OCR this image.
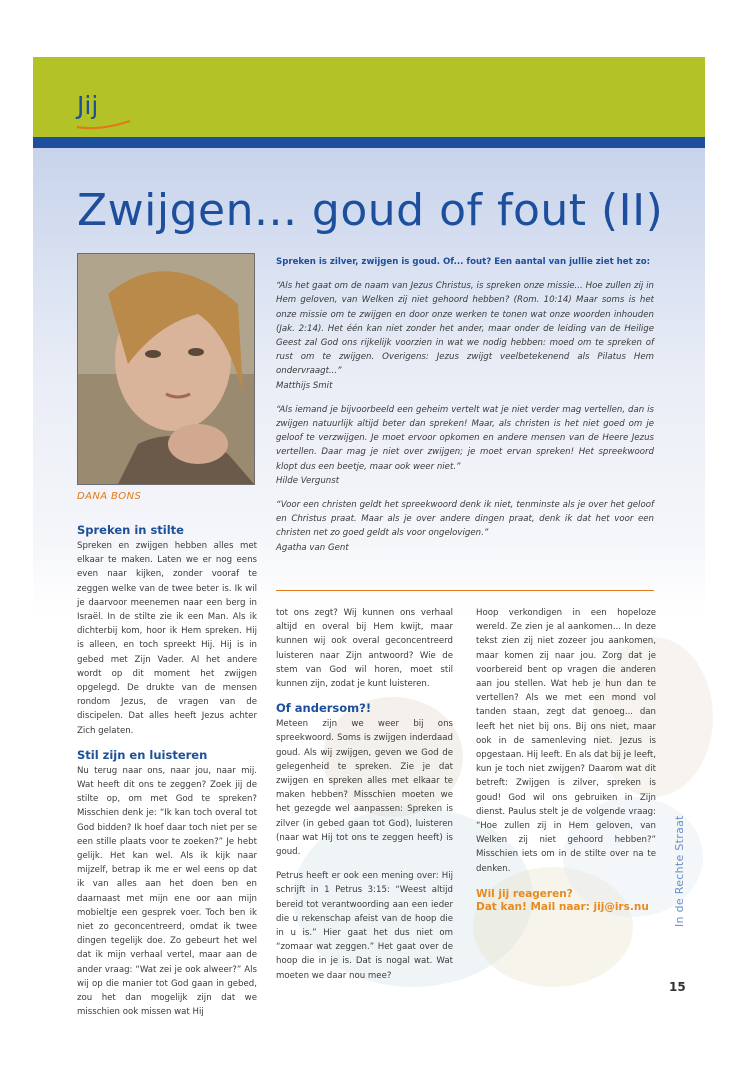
Jij
Zwijgen... goud of fout (II)
DANA BONS

Spreken is zilver, zwijgen is goud. Of... fout? Een aantal van jullie ziet het zo:

“Als het gaat om de naam van Jezus Christus, is spreken onze missie... Hoe zullen zij in Hem geloven, van Welken zij niet gehoord hebben? (Rom. 10:14) Maar soms is het onze missie om te zwijgen en door onze werken te tonen wat onze woorden inhouden (Jak. 2:14). Het één kan niet zonder het ander, maar onder de leiding van de Heilige Geest zal God ons rijkelijk voorzien in wat we nodig hebben: moed om te spreken of rust om te zwijgen. Overigens: Jezus zwijgt veelbetekenend als Pilatus Hem ondervraagt...”
Matthijs Smit

“Als iemand je bijvoorbeeld een geheim vertelt wat je niet verder mag vertellen, dan is zwijgen natuurlijk altijd beter dan spreken! Maar, als christen is het niet goed om je geloof te verzwijgen. Je moet ervoor opkomen en andere mensen van de Heere Jezus vertellen. Daar mag je niet over zwijgen; je moet ervan spreken! Het spreekwoord klopt dus een beetje, maar ook weer niet.”
Hilde Vergunst

“Voor een christen geldt het spreekwoord denk ik niet, tenminste als je over het geloof en Christus praat. Maar als je over andere dingen praat, denk ik dat het voor een christen net zo goed geldt als voor ongelovigen.”
Agatha van Gent

Spreken in stilte

Spreken en zwijgen hebben alles met elkaar te maken. Laten we er nog eens even naar kijken, zonder vooraf te zeggen welke van de twee beter is. Ik wil je daarvoor meenemen naar een berg in Israël. In de stilte zie ik een Man. Als ik dichterbij kom, hoor ik Hem spreken. Hij is alleen, en toch spreekt Hij. Hij is in gebed met Zijn Vader. Al het andere wordt op dit moment het zwijgen opgelegd. De drukte van de mensen rondom Jezus, de vragen van de discipelen. Dat alles heeft Jezus achter Zich gelaten.

Stil zijn en luisteren

Nu terug naar ons, naar jou, naar mij. Wat heeft dit ons te zeggen? Zoek jij de stilte op, om met God te spreken? Misschien denk je: “Ik kan toch overal tot God bidden? Ik hoef daar toch niet per se een stille plaats voor te zoeken?” Je hebt gelijk. Het kan wel. Als ik kijk naar mijzelf, betrap ik me er wel eens op dat ik van alles aan het doen ben en daarnaast met mijn ene oor aan mijn mobieltje een gesprek voer. Toch ben ik niet zo geconcentreerd, omdat ik twee dingen tegelijk doe. Zo gebeurt het wel dat ik mijn verhaal vertel, maar aan de ander vraag: “Wat zei je ook alweer?” Als wij op die manier tot God gaan in gebed, zou het dan mogelijk zijn dat we misschien ook missen wat Hij

tot ons zegt? Wij kunnen ons verhaal altijd en overal bij Hem kwijt, maar kunnen wij ook overal geconcentreerd luisteren naar Zijn antwoord? Wie de stem van God wil horen, moet stil kunnen zijn, zodat je kunt luisteren.

Of andersom?!

Meteen zijn we weer bij ons spreekwoord. Soms is zwijgen inderdaad goud. Als wij zwijgen, geven we God de gelegenheid te spreken. Zie je dat zwijgen en spreken alles met elkaar te maken hebben? Misschien moeten we het gezegde wel aanpassen: Spreken is zilver (in gebed gaan tot God), luisteren (naar wat Hij tot ons te zeggen heeft) is goud.

Petrus heeft er ook een mening over: Hij schrijft in 1 Petrus 3:15: “Weest altijd bereid tot verantwoording aan een ieder die u rekenschap afeist van de hoop die in u is.” Hier gaat het dus niet om “zomaar wat zeggen.” Het gaat over de hoop die in je is. Dat is nogal wat. Wat moeten we daar nou mee?

Hoop verkondigen in een hopeloze wereld. Ze zien je al aankomen... In deze tekst zien zij niet zozeer jou aankomen, maar komen zij naar jou. Zorg dat je voorbereid bent op vragen die anderen aan jou stellen. Wat heb je hun dan te vertellen? Als we met een mond vol tanden staan, zegt dat genoeg... dan leeft het niet bij ons. Bij ons niet, maar ook in de samenleving niet. Jezus is opgestaan. Hij leeft. En als dat bij je leeft, kun je toch niet zwijgen? Daarom wat dit betreft: Zwijgen is zilver, spreken is goud! God wil ons gebruiken in Zijn dienst. Paulus stelt je de volgende vraag: “Hoe zullen zij in Hem geloven, van Welken zij niet gehoord hebben?” Misschien iets om in de stilte over na te denken.

Wil jij reageren?
Dat kan! Mail naar: jij@irs.nu	In de Rechte Straat
15
